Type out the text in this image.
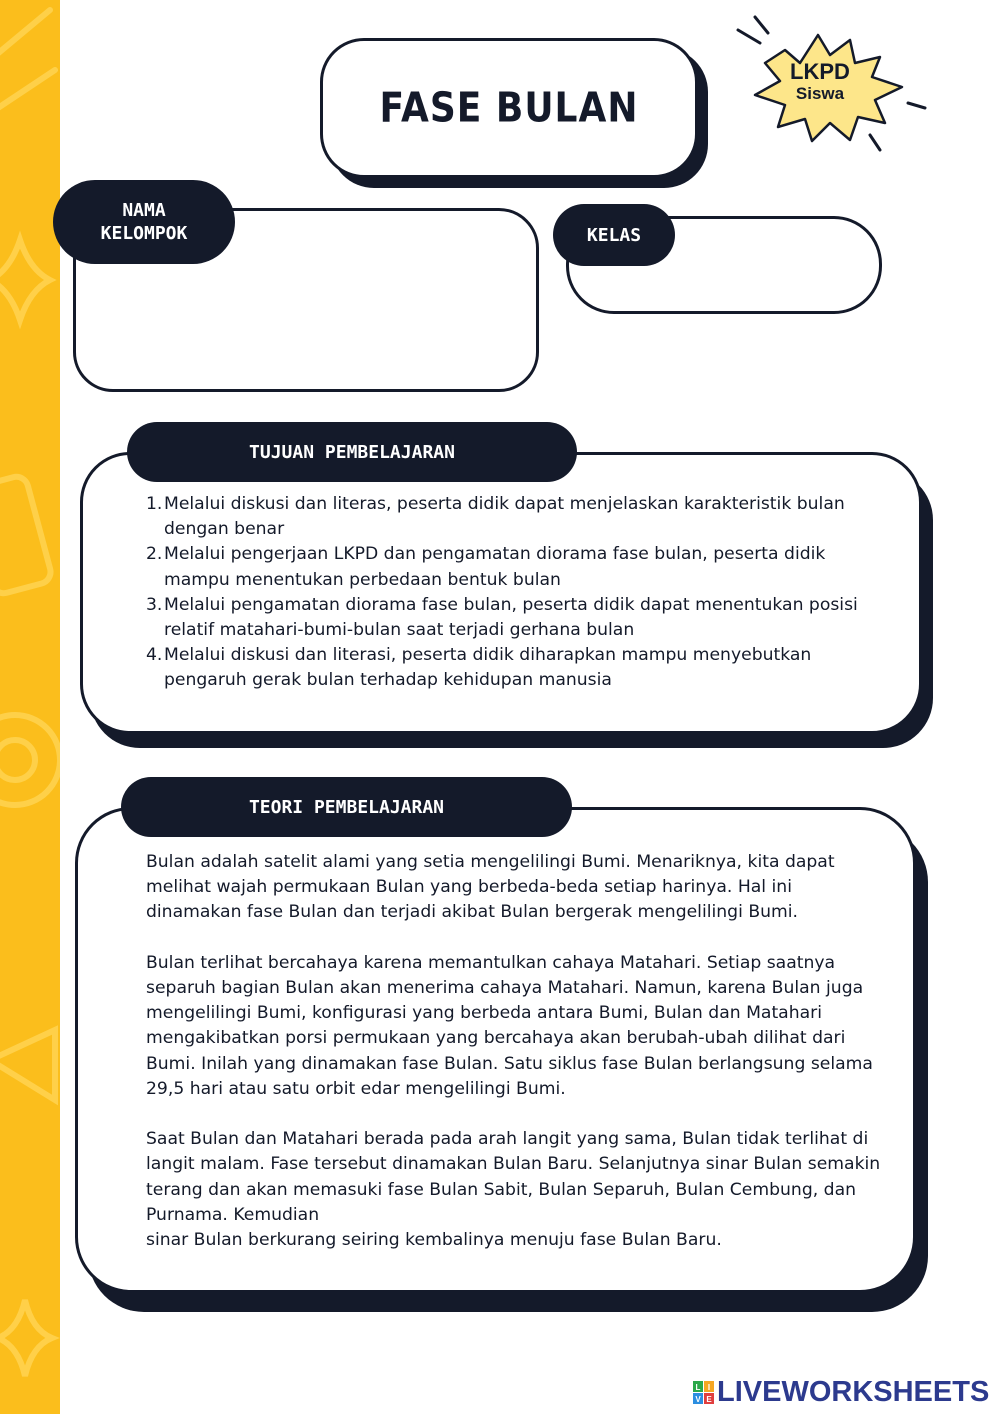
FASE BULAN
LKPD
Siswa
NAMA
KELOMPOK	KELAS
TUJUAN PEMBELAJARAN
1. Melalui diskusi dan literas, peserta didik dapat menjelaskan karakteristik bulan dengan benar
2. Melalui pengerjaan LKPD dan pengamatan diorama fase bulan, peserta didik mampu menentukan perbedaan bentuk bulan
3. Melalui pengamatan diorama fase bulan, peserta didik dapat menentukan posisi relatif matahari-bumi-bulan saat terjadi gerhana bulan
4. Melalui diskusi dan literasi, peserta didik diharapkan mampu menyebutkan pengaruh gerak bulan terhadap kehidupan manusia
TEORI PEMBELAJARAN

Bulan adalah satelit alami yang setia mengelilingi Bumi. Menariknya, kita dapat melihat wajah permukaan Bulan yang berbeda-beda setiap harinya. Hal ini dinamakan fase Bulan dan terjadi akibat Bulan bergerak mengelilingi Bumi.

Bulan terlihat bercahaya karena memantulkan cahaya Matahari. Setiap saatnya separuh bagian Bulan akan menerima cahaya Matahari. Namun, karena Bulan juga mengelilingi Bumi, konfigurasi yang berbeda antara Bumi, Bulan dan Matahari mengakibatkan porsi permukaan yang bercahaya akan berubah-ubah dilihat dari Bumi. Inilah yang dinamakan fase Bulan. Satu siklus fase Bulan berlangsung selama 29,5 hari atau satu orbit edar mengelilingi Bumi.

Saat Bulan dan Matahari berada pada arah langit yang sama, Bulan tidak terlihat di langit malam. Fase tersebut dinamakan Bulan Baru. Selanjutnya sinar Bulan semakin terang dan akan memasuki fase Bulan Sabit, Bulan Separuh, Bulan Cembung, dan Purnama. Kemudian

sinar Bulan berkurang seiring kembalinya menuju fase Bulan Baru.

L I
V E LIVEWORKSHEETS
